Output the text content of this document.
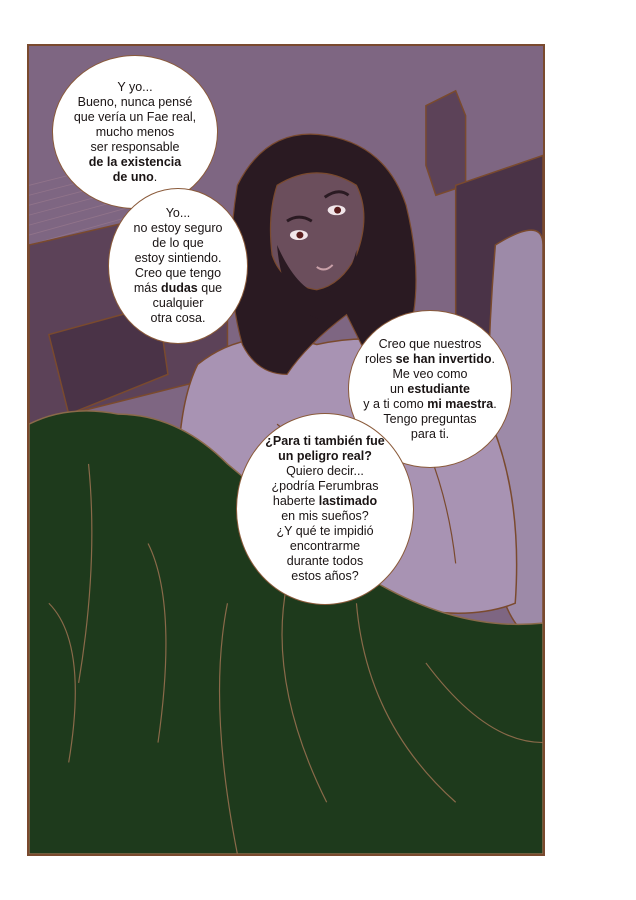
Y yo...
Bueno, nunca pensé
que vería un Fae real,
mucho menos
ser responsable
de la existencia
de uno.
Yo...
no estoy seguro
de lo que
estoy sintiendo.
Creo que tengo
más dudas que
cualquier
otra cosa.
Creo que nuestros
roles se han invertido.
Me veo como
un estudiante
y a ti como mi maestra.
Tengo preguntas
para ti.
¿Para ti también fue
un peligro real?
Quiero decir...
¿podría Ferumbras
haberte lastimado
en mis sueños?
¿Y qué te impidió
encontrarme
durante todos
estos años?
